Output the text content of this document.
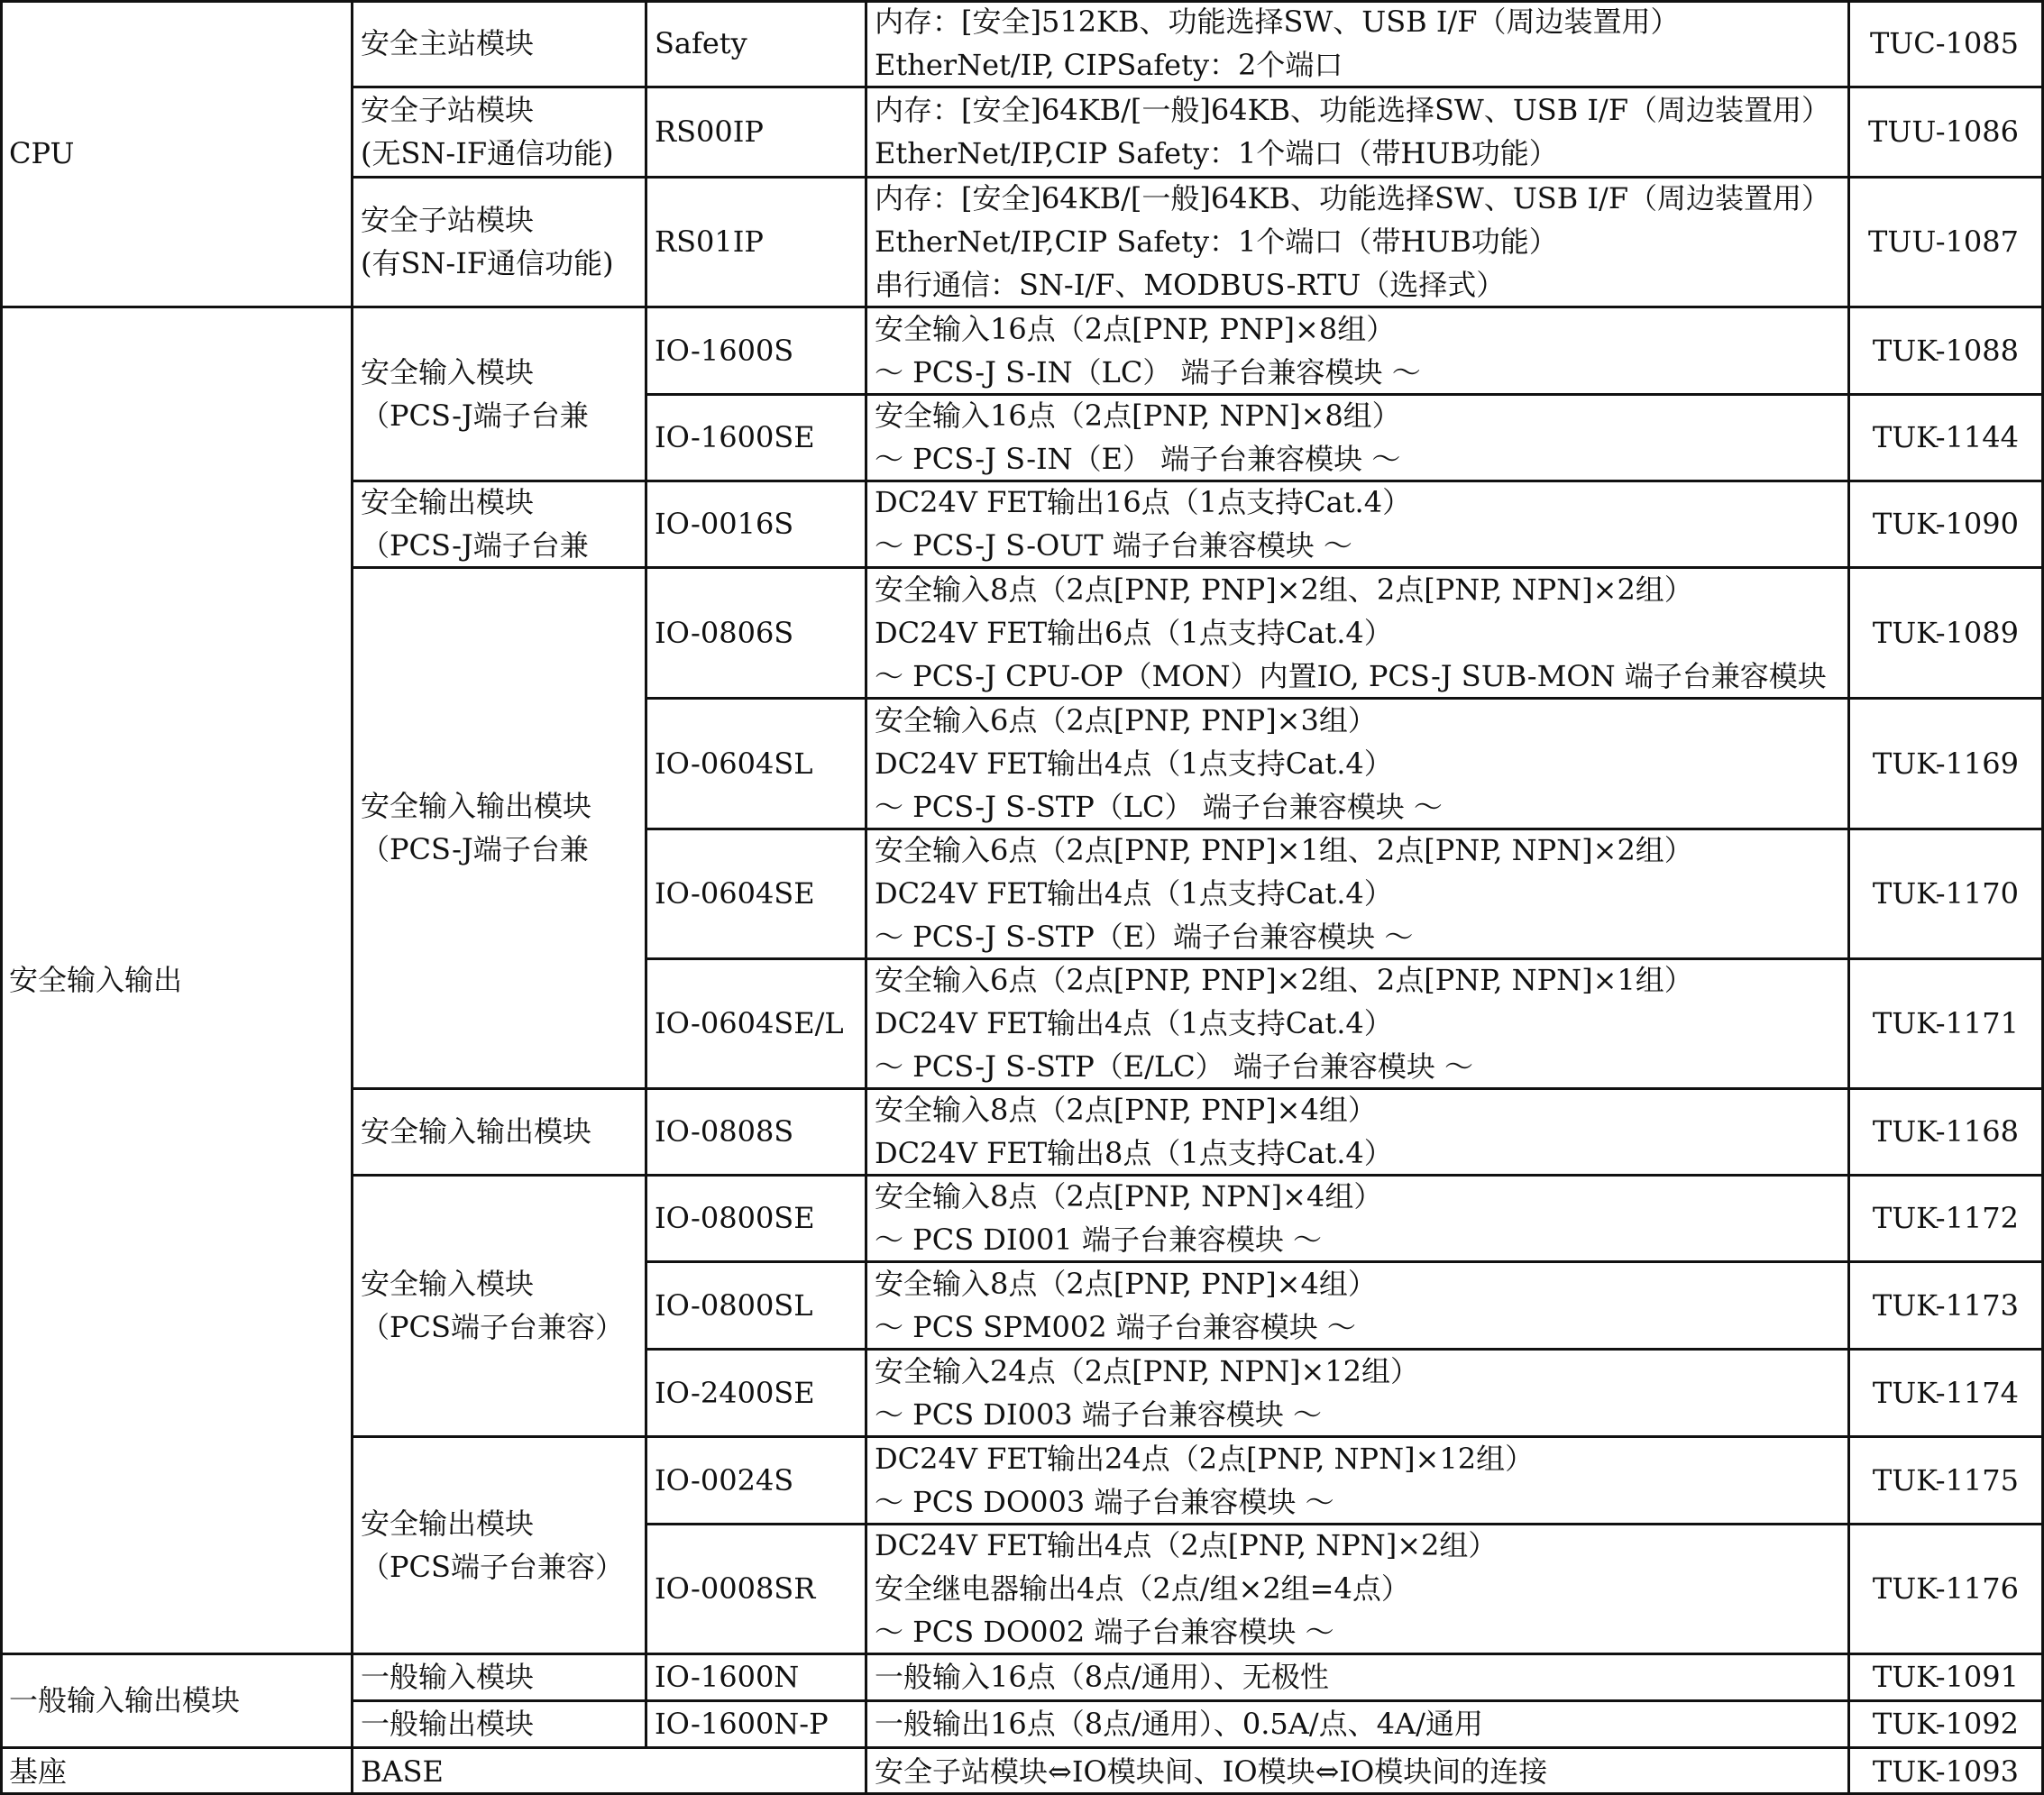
CPU
安全输入输出
一般输入输出模块
基座
安全主站模块
安全子站模块
(无SN-IF通信功能)
安全子站模块
(有SN-IF通信功能)
安全输入模块
（PCS-J端子台兼
安全输出模块
（PCS-J端子台兼
安全输入输出模块
（PCS-J端子台兼
安全输入输出模块
安全输入模块
（PCS端子台兼容）
安全输出模块
（PCS端子台兼容）
一般输入模块
一般输出模块
BASE
Safety
RS00IP
RS01IP
IO-1600S
IO-1600SE
IO-0016S
IO-0806S
IO-0604SL
IO-0604SE
IO-0604SE/L
IO-0808S
IO-0800SE
IO-0800SL
IO-2400SE
IO-0024S
IO-0008SR
IO-1600N
IO-1600N-P
内存：[安全]512KB、功能选择SW、USB I/F（周边装置用）
EtherNet/IP, CIPSafety：2个端口
内存：[安全]64KB/[一般]64KB、功能选择SW、USB I/F（周边装置用）
EtherNet/IP,CIP Safety：1个端口（带HUB功能）
内存：[安全]64KB/[一般]64KB、功能选择SW、USB I/F（周边装置用）
EtherNet/IP,CIP Safety：1个端口（带HUB功能）
串行通信：SN-I/F、MODBUS-RTU（选择式）
安全输入16点（2点[PNP, PNP]×8组）
～ PCS-J S-IN（LC） 端子台兼容模块 ～
安全输入16点（2点[PNP, NPN]×8组）
～ PCS-J S-IN（E） 端子台兼容模块 ～
DC24V FET输出16点（1点支持Cat.4）
～ PCS-J S-OUT 端子台兼容模块 ～
安全输入8点（2点[PNP, PNP]×2组、2点[PNP, NPN]×2组）
DC24V FET输出6点（1点支持Cat.4）
～ PCS-J CPU-OP（MON）内置IO, PCS-J SUB-MON 端子台兼容模块
安全输入6点（2点[PNP, PNP]×3组）
DC24V FET输出4点（1点支持Cat.4）
～ PCS-J S-STP（LC） 端子台兼容模块 ～
安全输入6点（2点[PNP, PNP]×1组、2点[PNP, NPN]×2组）
DC24V FET输出4点（1点支持Cat.4）
～ PCS-J S-STP（E）端子台兼容模块 ～
安全输入6点（2点[PNP, PNP]×2组、2点[PNP, NPN]×1组）
DC24V FET输出4点（1点支持Cat.4）
～ PCS-J S-STP（E/LC） 端子台兼容模块 ～
安全输入8点（2点[PNP, PNP]×4组）
DC24V FET输出8点（1点支持Cat.4）
安全输入8点（2点[PNP, NPN]×4组）
～ PCS DI001 端子台兼容模块 ～
安全输入8点（2点[PNP, PNP]×4组）
～ PCS SPM002 端子台兼容模块 ～
安全输入24点（2点[PNP, NPN]×12组）
～ PCS DI003 端子台兼容模块 ～
DC24V FET输出24点（2点[PNP, NPN]×12组）
～ PCS DO003 端子台兼容模块 ～
DC24V FET输出4点（2点[PNP, NPN]×2组）
安全继电器输出4点（2点/组×2组=4点）
～ PCS DO002 端子台兼容模块 ～
一般输入16点（8点/通用）、无极性
一般输出16点（8点/通用）、0.5A/点、4A/通用
安全子站模块⇔IO模块间、IO模块⇔IO模块间的连接
TUC-1085
TUU-1086
TUU-1087
TUK-1088
TUK-1144
TUK-1090
TUK-1089
TUK-1169
TUK-1170
TUK-1171
TUK-1168
TUK-1172
TUK-1173
TUK-1174
TUK-1175
TUK-1176
TUK-1091
TUK-1092
TUK-1093
